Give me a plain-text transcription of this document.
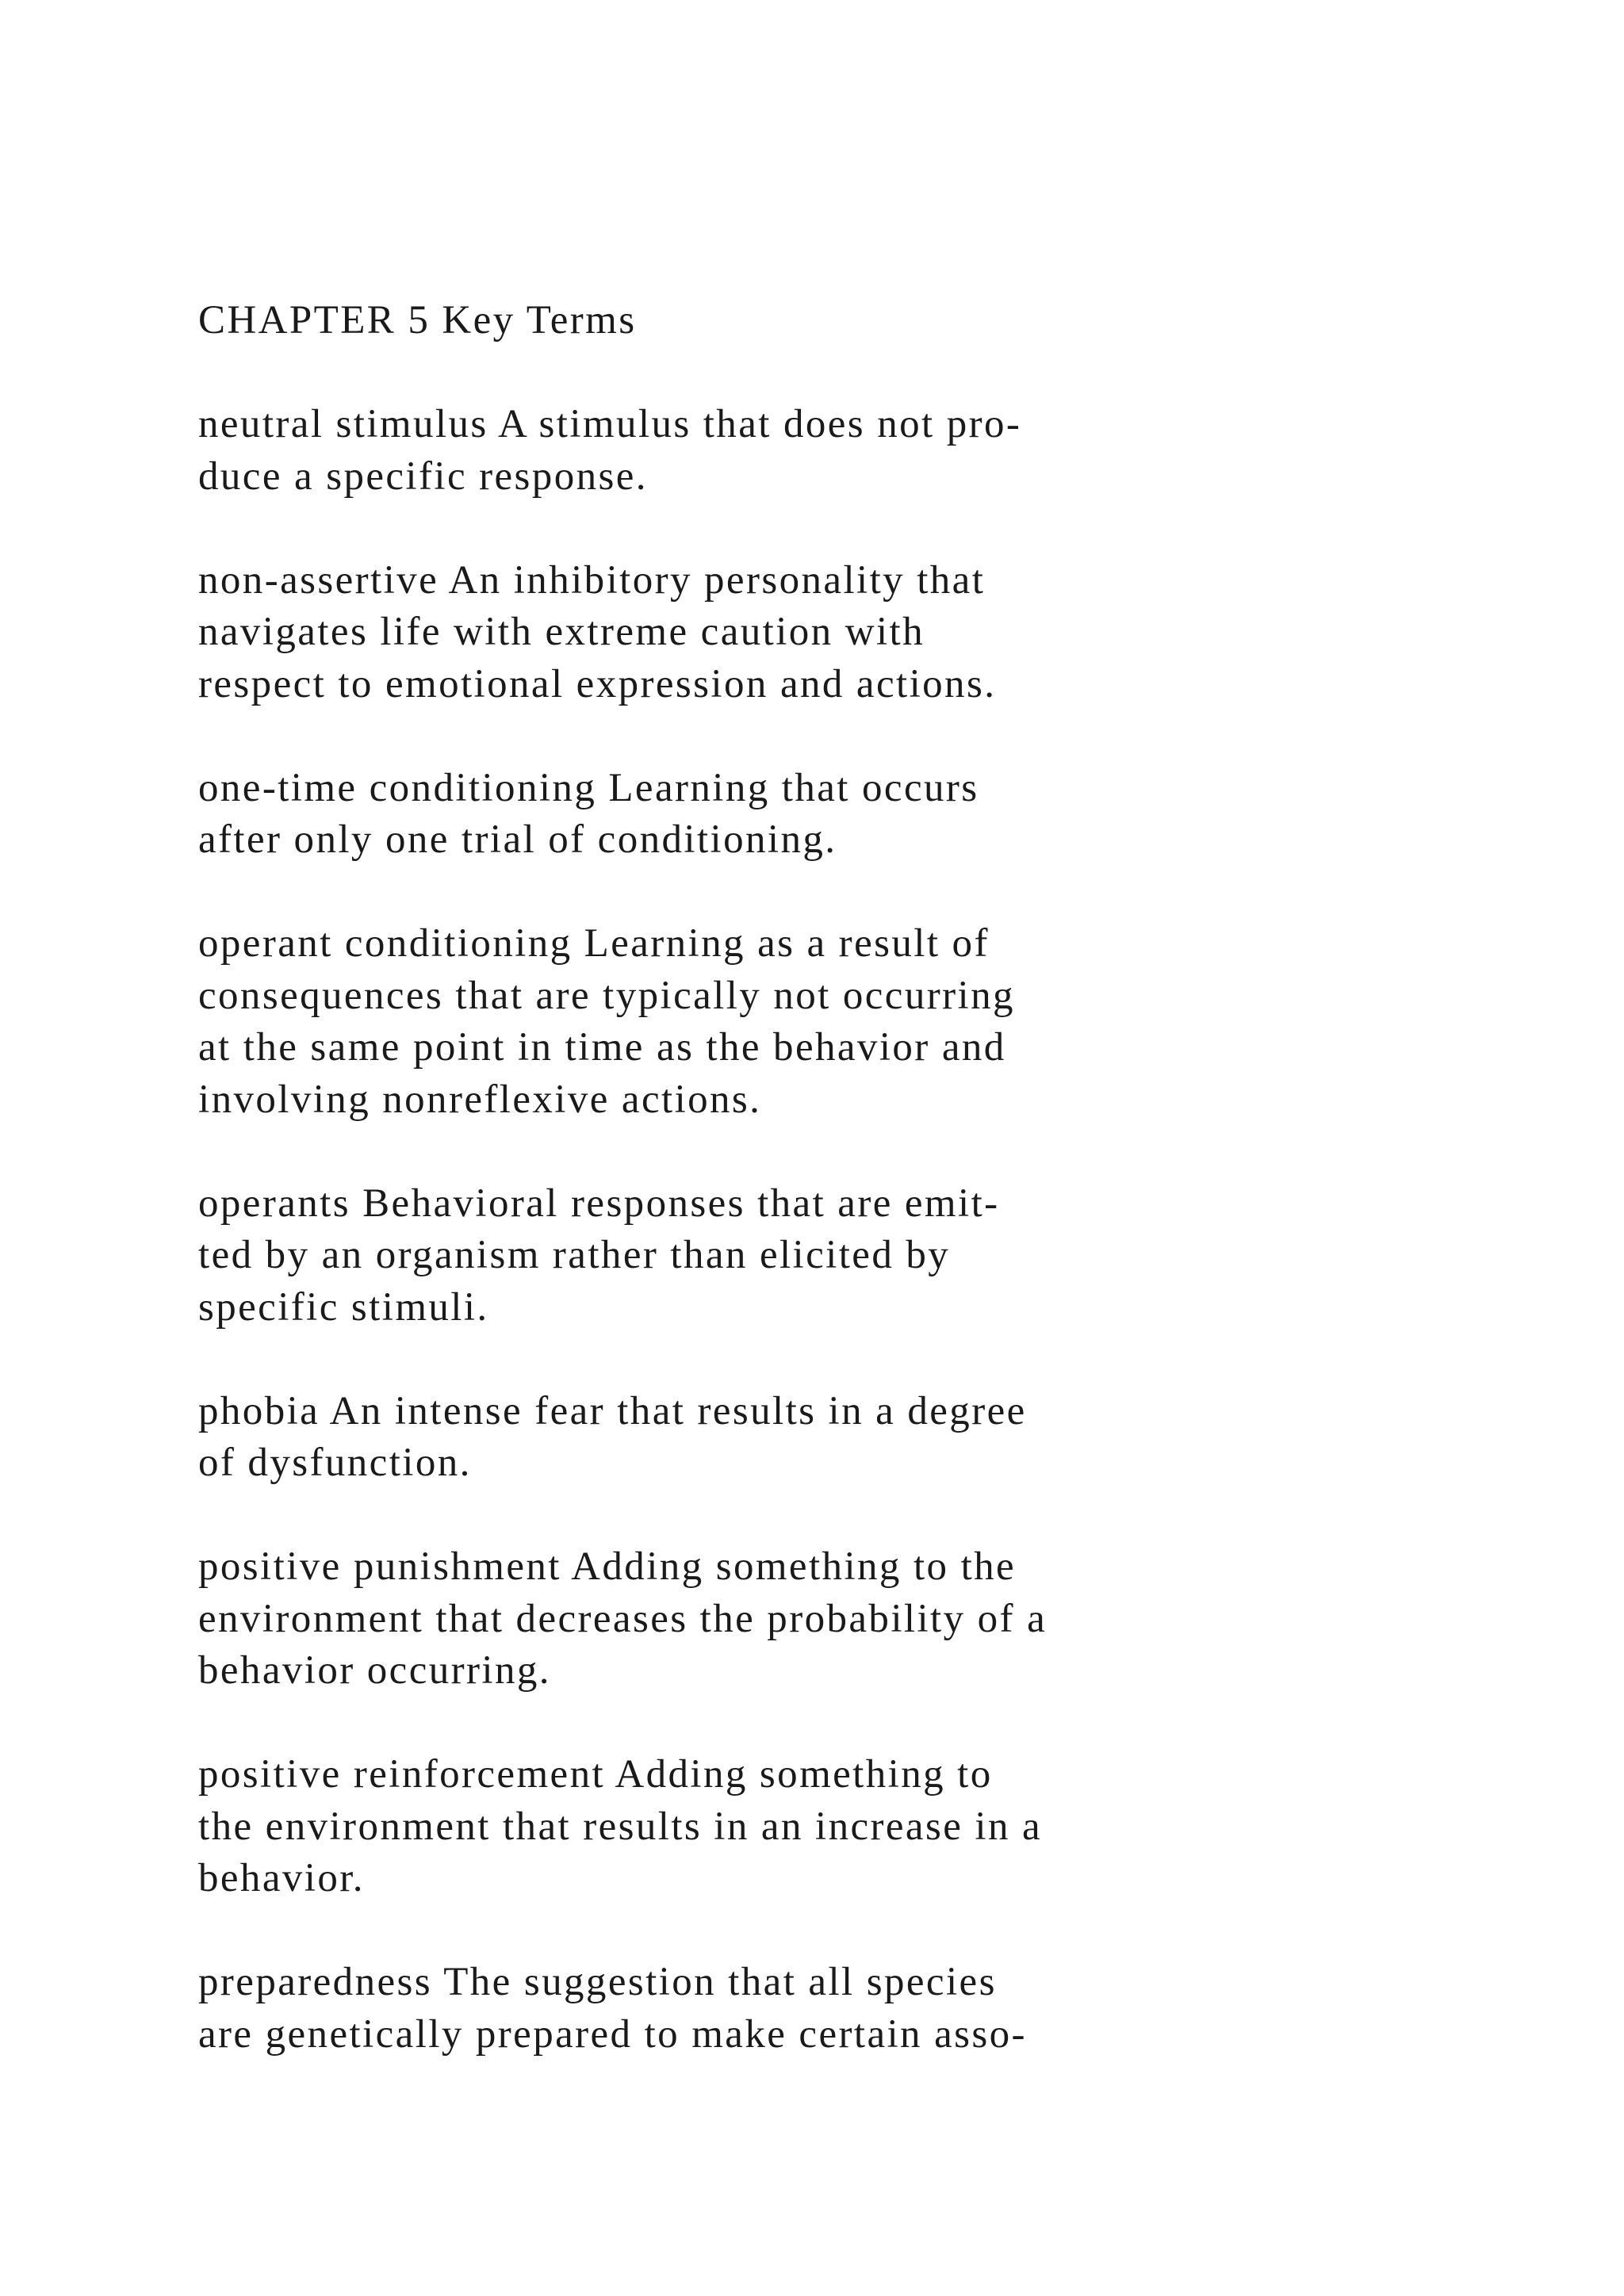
CHAPTER 5 Key Terms
neutral stimulus A stimulus that does not pro-
duce a specific response.
non-assertive An inhibitory personality that
navigates life with extreme caution with
respect to emotional expression and actions.
one-time conditioning Learning that occurs
after only one trial of conditioning.
operant conditioning Learning as a result of
consequences that are typically not occurring
at the same point in time as the behavior and
involving nonreflexive actions.
operants Behavioral responses that are emit-
ted by an organism rather than elicited by
specific stimuli.
phobia An intense fear that results in a degree
of dysfunction.
positive punishment Adding something to the
environment that decreases the probability of a
behavior occurring.
positive reinforcement Adding something to
the environment that results in an increase in a
behavior.
preparedness The suggestion that all species
are genetically prepared to make certain asso-
